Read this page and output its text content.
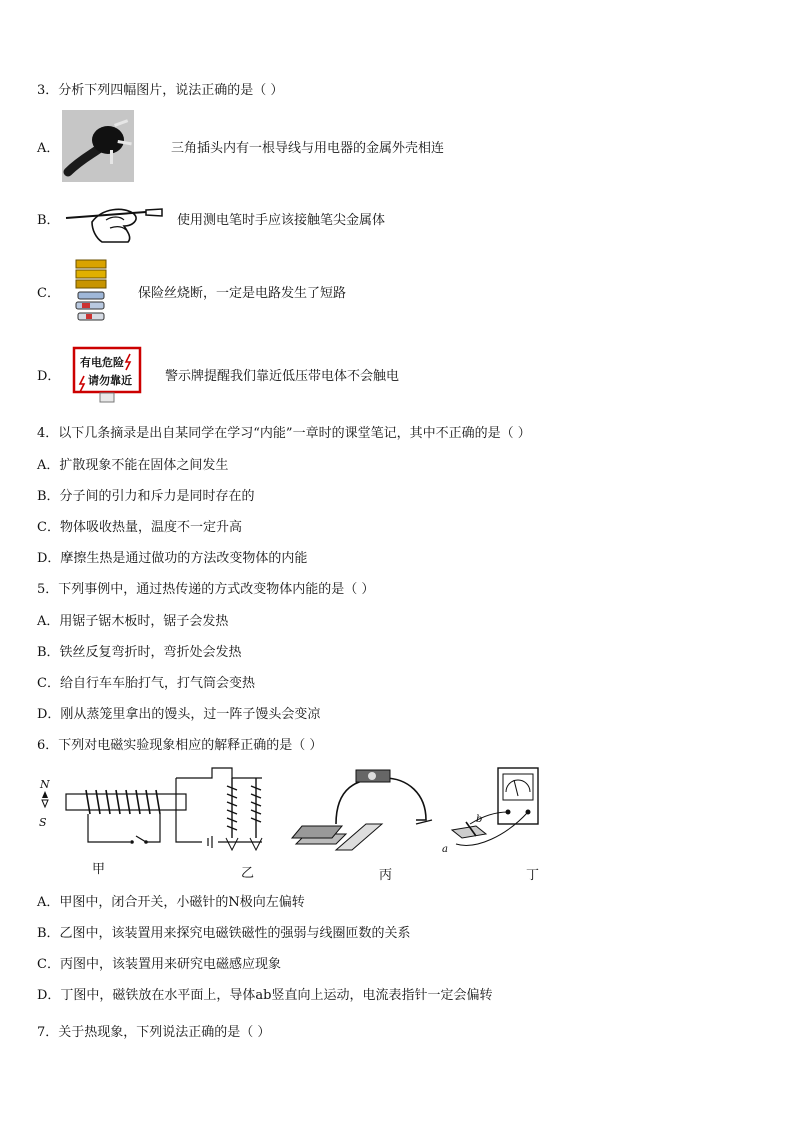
3．分析下列四幅图片，说法正确的是（ ）
A．	三角插头内有一根导线与用电器的金属外壳相连
B．	使用测电笔时手应该接触笔尖金属体
C．	保险丝烧断，一定是电路发生了短路
D．
有电危险
请勿靠近	警示牌提醒我们靠近低压带电体不会触电
4．以下几条摘录是出自某同学在学习“内能”一章时的课堂笔记，其中不正确的是（ ）
A．扩散现象不能在固体之间发生
B．分子间的引力和斥力是同时存在的
C．物体吸收热量，温度不一定升高
D．摩擦生热是通过做功的方法改变物体的内能
5．下列事例中，通过热传递的方式改变物体内能的是（ ）
A．用锯子锯木板时，锯子会发热
B．铁丝反复弯折时，弯折处会发热
C．给自行车车胎打气，打气筒会变热
D．刚从蒸笼里拿出的馒头，过一阵子馒头会变凉
6．下列对电磁实验现象相应的解释正确的是（ ）
N
S	b
a
甲	乙	丙	丁
A．甲图中，闭合开关，小磁针的N极向左偏转
B．乙图中，该装置用来探究电磁铁磁性的强弱与线圈匝数的关系
C．丙图中，该装置用来研究电磁感应现象
D．丁图中，磁铁放在水平面上，导体ab竖直向上运动，电流表指针一定会偏转
7．关于热现象，下列说法正确的是（ ）
